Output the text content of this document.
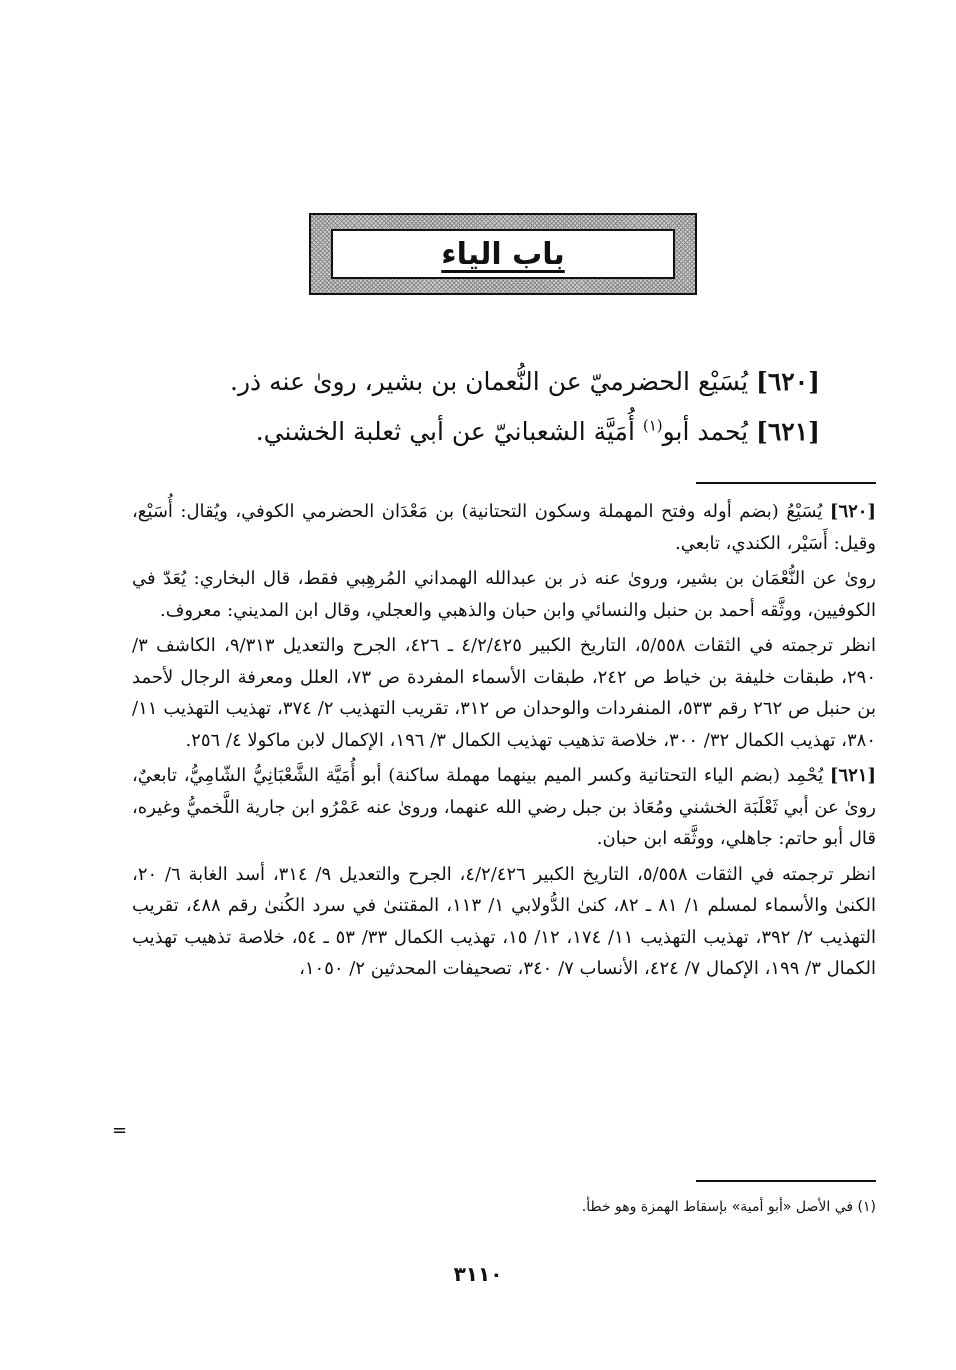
باب الياء
[٦٢٠] يُسَيْع الحضرميّ عن النُّعمان بن بشير، روىٰ عنه ذر.
[٦٢١] يُحمد أبو$^{(١)}$ أُمَيَّة الشعبانيّ عن أبي ثعلبة الخشني.

[٦٢٠] يُسَيْعُ (بضم أوله وفتح المهملة وسكون التحتانية) بن مَعْدَان الحضرمي الكوفي، ويُقال: أُسَيْع، وقيل: أَسَيْر، الكندي، تابعي.

روىٰ عن النُّعْمَان بن بشير، وروىٰ عنه ذر بن عبدالله الهمداني المُرهِبي فقط، قال البخاري: يُعَدّ في الكوفيين، ووثَّقه أحمد بن حنبل والنسائي وابن حبان والذهبي والعجلي، وقال ابن المديني: معروف.

انظر ترجمته في الثقات ٥/٥٥٨، التاريخ الكبير ٤/٢/٤٢٥ ـ ٤٢٦، الجرح والتعديل ٩/٣١٣، الكاشف ٣/ ٢٩٠، طبقات خليفة بن خياط ص ٢٤٢، طبقات الأسماء المفردة ص ٧٣، العلل ومعرفة الرجال لأحمد بن حنبل ص ٢٦٢ رقم ٥٣٣، المنفردات والوحدان ص ٣١٢، تقريب التهذيب ٢/ ٣٧٤، تهذيب التهذيب ١١/ ٣٨٠، تهذيب الكمال ٣٢/ ٣٠٠، خلاصة تذهيب تهذيب الكمال ٣/ ١٩٦، الإكمال لابن ماكولا ٤/ ٢٥٦.

[٦٢١] يُحْمِد (بضم الياء التحتانية وكسر الميم بينهما مهملة ساكنة) أبو أُمَيَّة الشَّعْبَانِيُّ الشّامِيُّ، تابعيٌ، روىٰ عن أبي ثَعْلَبَة الخشني ومُعَاذ بن جبل رضي الله عنهما، وروىٰ عنه عَمْرُو ابن جارية اللَّخميُّ وغيره، قال أبو حاتم: جاهلي، ووثَّقه ابن حبان.

انظر ترجمته في الثقات ٥/٥٥٨، التاريخ الكبير ٤/٢/٤٢٦، الجرح والتعديل ٩/ ٣١٤، أسد الغابة ٦/ ٢٠، الكنىٰ والأسماء لمسلم ١/ ٨١ ـ ٨٢، كنىٰ الدُّولابي ١/ ١١٣، المقتنىٰ في سرد الكُنىٰ رقم ٤٨٨، تقريب التهذيب ٢/ ٣٩٢، تهذيب التهذيب ١١/ ١٧٤، ١٢/ ١٥، تهذيب الكمال ٣٣/ ٥٣ ـ ٥٤، خلاصة تذهيب تهذيب الكمال ٣/ ١٩٩، الإكمال ٧/ ٤٢٤، الأنساب ٧/ ٣٤٠، تصحيفات المحدثين ٢/ ١٠٥٠،

=
(١) في الأصل «أبو أمية» بإسقاط الهمزة وهو خطأ.
٣١١٠
